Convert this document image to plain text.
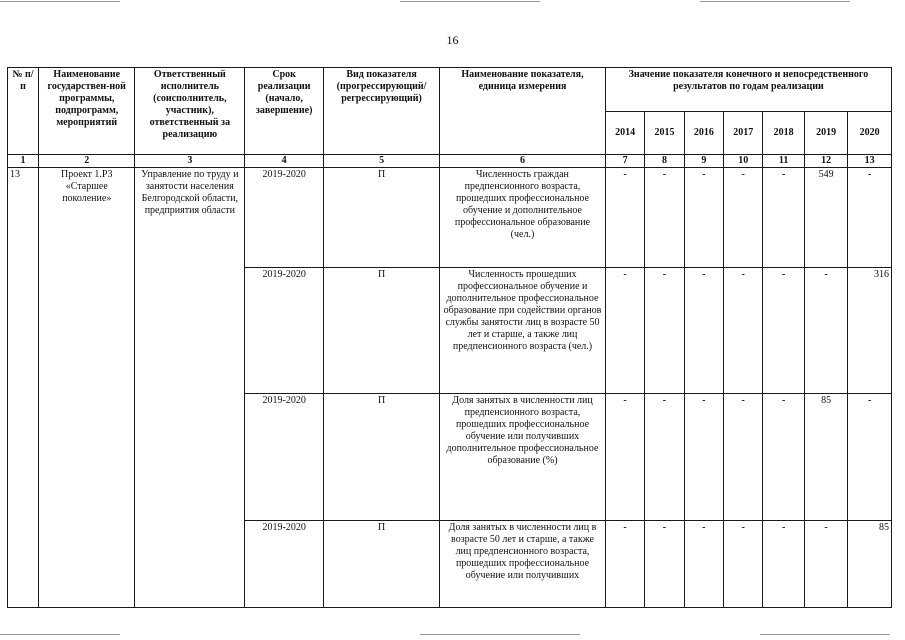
16
№ п/п	Наименование государствен-ной программы, подпрограмм, мероприятий	Ответственный исполнитель (соисполнитель, участник), ответственный за реализацию	Срок реализации (начало, завершение)	Вид показателя (прогрессирующий/ регрессирующий)	Наименование показателя, единица измерения	Значение показателя конечного и непосредственного результатов по годам реализации						
						2014	2015	2016	2017	2018	2019	2020
1	2	3	4	5	6	7	8	9	10	11	12	13
13	Проект 1.Р3 «Старшее поколение»	Управление по труду и занятости населения Белгородской области, предприятия области	2019-2020	П	Численность граждан предпенсионного возраста, прошедших профессиональное обучение и дополнительное профессиональное образование (чел.)	-	-	-	-	-	549	-
			2019-2020	П	Численность прошедших профессиональное обучение и дополнительное профессиональное образование при содействии органов службы занятости лиц в возрасте 50 лет и старше, а также лиц предпенсионного возраста (чел.)	-	-	-	-	-	-	316
			2019-2020	П	Доля занятых в численности лиц предпенсионного возраста, прошедших профессиональное обучение или получивших дополнительное профессиональное образование (%)	-	-	-	-	-	85	-
			2019-2020	П	Доля занятых в численности лиц в возрасте 50 лет и старше, а также лиц предпенсионного возраста, прошедших профессиональное обучение или получивших	-	-	-	-	-	-	85
